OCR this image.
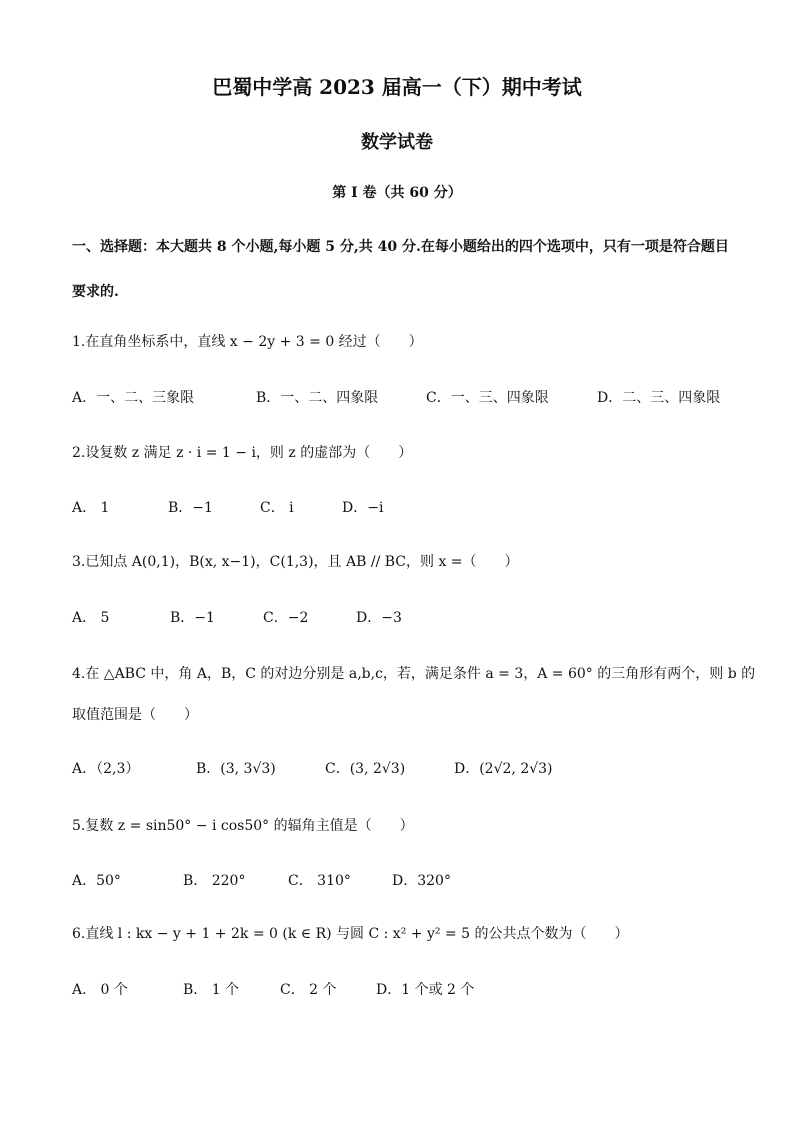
巴蜀中学高 2023 届高一（下）期中考试
数学试卷
第 I 卷（共 60 分）
一、选择题：本大题共 8 个小题,每小题 5 分,共 40 分.在每小题给出的四个选项中，只有一项是符合题目
要求的.
1.在直角坐标系中，直线 x − 2y + 3 = 0 经过（　　）
A．一、二、三象限	B．一、二、四象限	C．一、三、四象限	D．二、三、四象限
2.设复数 z 满足 z · i = 1 − i，则 z 的虚部为（　　）
A． 1	B．−1	C． i	D．−i
3.已知点 A(0,1)，B(x, x−1)，C(1,3)，且 AB // BC，则 x =（　　）
A． 5	B．−1	C．−2	D．−3
4.在 △ABC 中，角 A，B，C 的对边分别是 a,b,c，若，满足条件 a = 3，A = 60° 的三角形有两个，则 b 的
取值范围是（　　）
A．（2,3）	B．(3, 3√3)	C．(3, 2√3)	D．(2√2, 2√3)
5.复数 z = sin50° − i cos50° 的辐角主值是（　　）
A．50°	B． 220°	C． 310°	D．320°
6.直线 l : kx − y + 1 + 2k = 0 (k ∈ R) 与圆 C : x² + y² = 5 的公共点个数为（　　）
A． 0 个	B． 1 个	C． 2 个	D．1 个或 2 个
